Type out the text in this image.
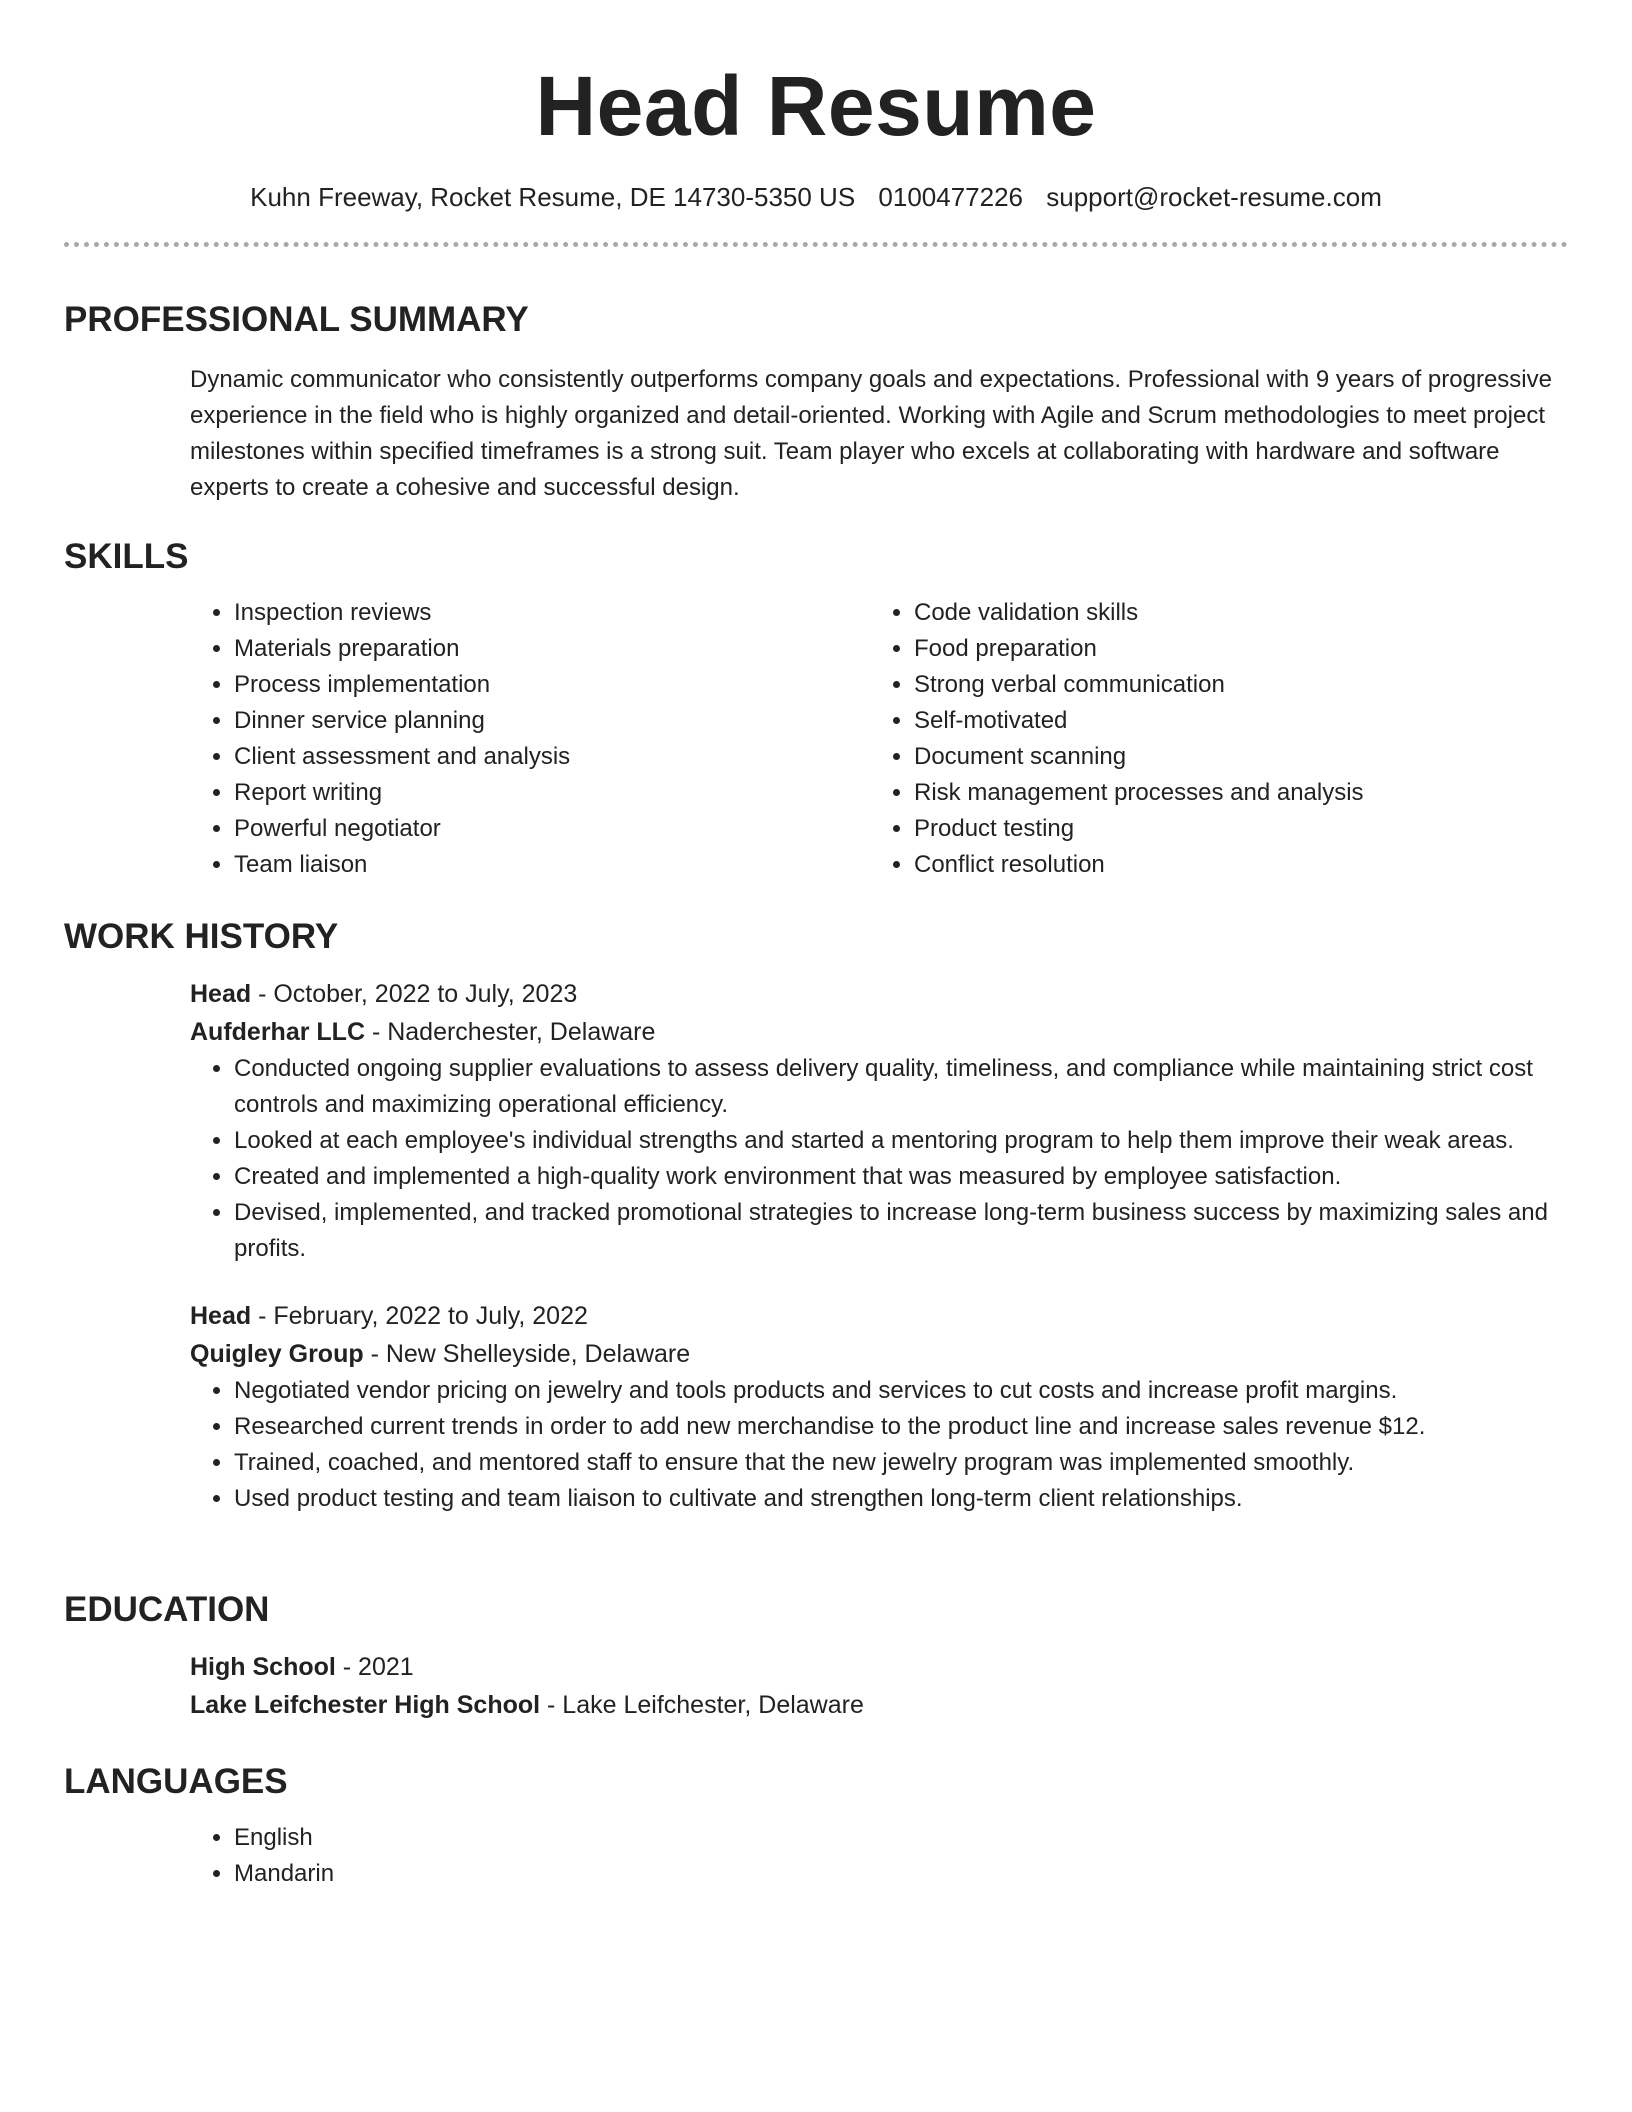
Head Resume
Kuhn Freeway, Rocket Resume, DE 14730-5350 US 0100477226 support@rocket-resume.com
PROFESSIONAL SUMMARY
Dynamic communicator who consistently outperforms company goals and expectations. Professional with 9 years of progressive experience in the field who is highly organized and detail-oriented. Working with Agile and Scrum methodologies to meet project milestones within specified timeframes is a strong suit. Team player who excels at collaborating with hardware and software experts to create a cohesive and successful design.
SKILLS
• Inspection reviews
• Materials preparation
• Process implementation
• Dinner service planning
• Client assessment and analysis
• Report writing
• Powerful negotiator
• Team liaison
• Code validation skills
• Food preparation
• Strong verbal communication
• Self-motivated
• Document scanning
• Risk management processes and analysis
• Product testing
• Conflict resolution
WORK HISTORY
Head - October, 2022 to July, 2023
Aufderhar LLC - Naderchester, Delaware
• Conducted ongoing supplier evaluations to assess delivery quality, timeliness, and compliance while maintaining strict cost controls and maximizing operational efficiency.
• Looked at each employee's individual strengths and started a mentoring program to help them improve their weak areas.
• Created and implemented a high-quality work environment that was measured by employee satisfaction.
• Devised, implemented, and tracked promotional strategies to increase long-term business success by maximizing sales and profits.
Head - February, 2022 to July, 2022
Quigley Group - New Shelleyside, Delaware
• Negotiated vendor pricing on jewelry and tools products and services to cut costs and increase profit margins.
• Researched current trends in order to add new merchandise to the product line and increase sales revenue $12.
• Trained, coached, and mentored staff to ensure that the new jewelry program was implemented smoothly.
• Used product testing and team liaison to cultivate and strengthen long-term client relationships.
EDUCATION
High School - 2021
Lake Leifchester High School - Lake Leifchester, Delaware
LANGUAGES
• English
• Mandarin
